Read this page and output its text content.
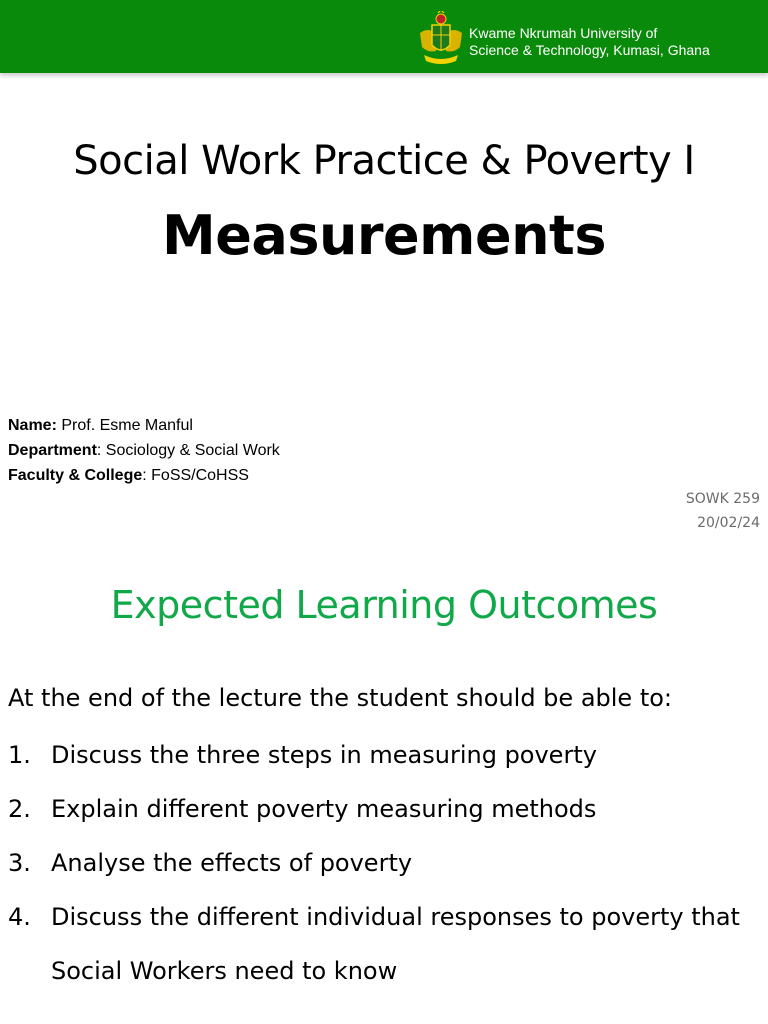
Kwame Nkrumah University of
Science & Technology, Kumasi, Ghana
Social Work Practice & Poverty I
Measurements
Name: Prof. Esme Manful
Department: Sociology & Social Work
Faculty & College: FoSS/CoHSS
SOWK 259
20/02/24
Expected Learning Outcomes
At the end of the lecture the student should be able to:
1. Discuss the three steps in measuring poverty
2. Explain different poverty measuring methods
3. Analyse the effects of poverty
4. Discuss the different individual responses to poverty that Social Workers need to know
